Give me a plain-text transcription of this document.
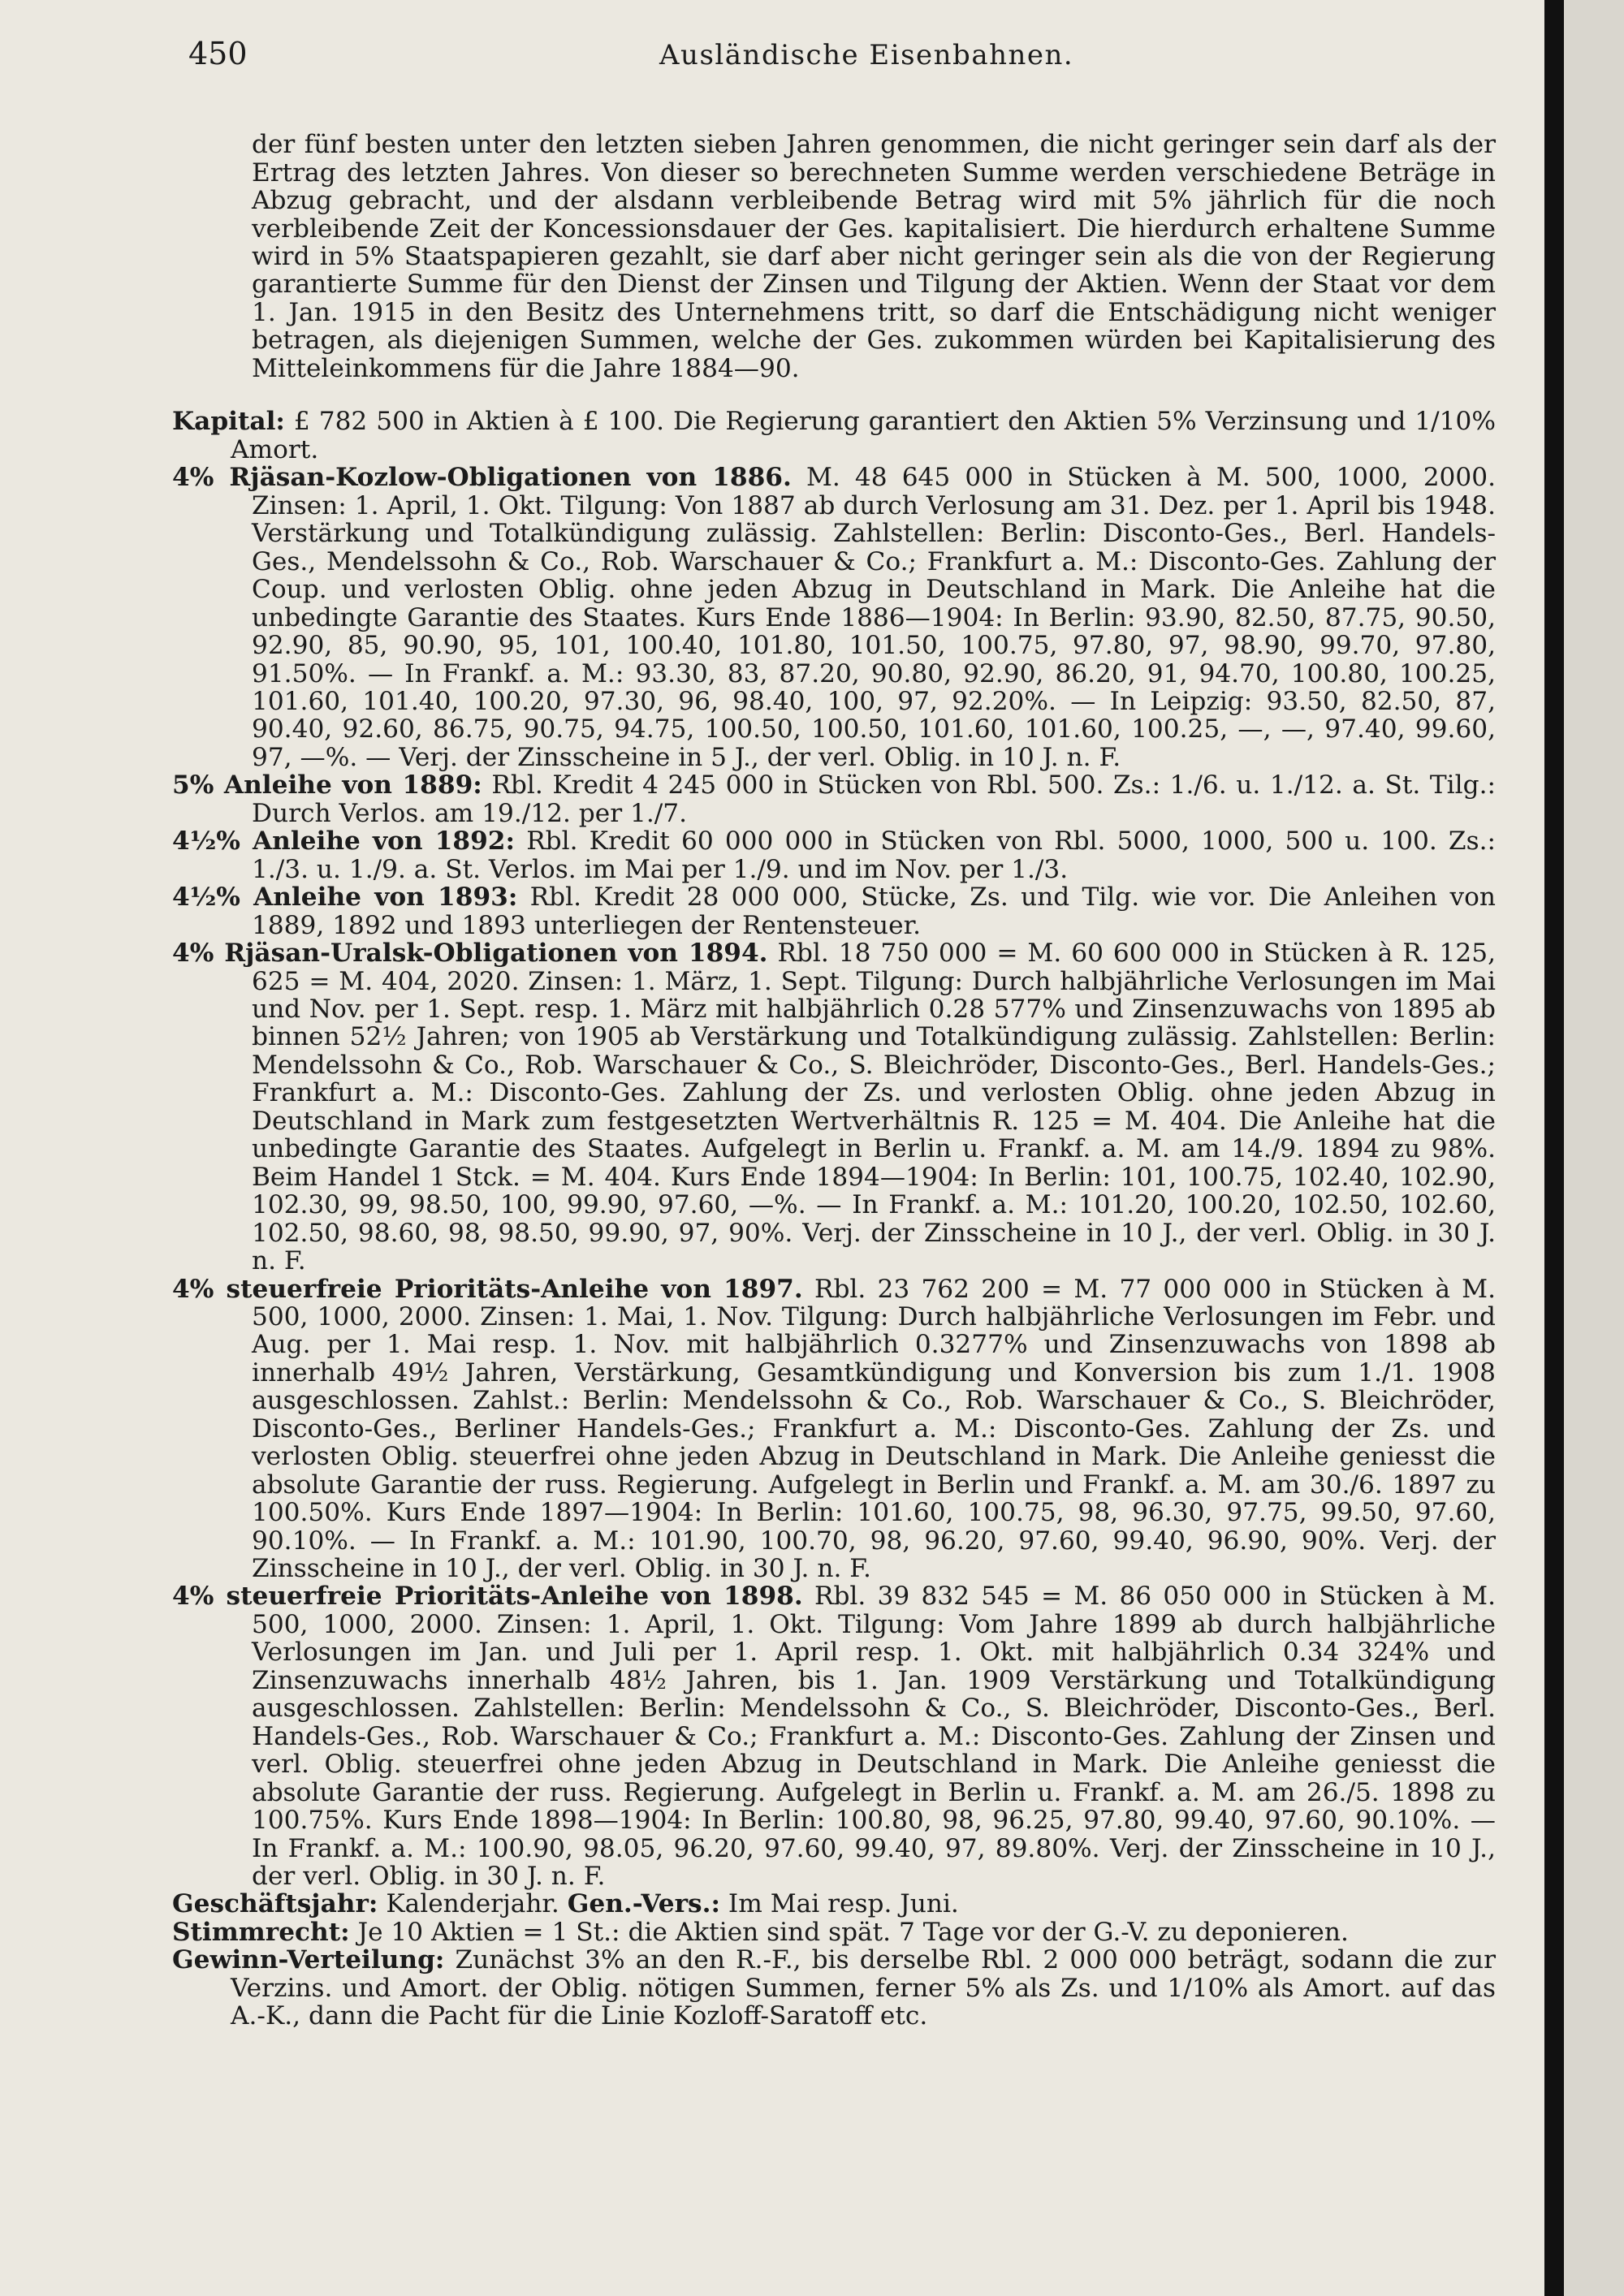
450	Ausländische Eisenbahnen.

der fünf besten unter den letzten sieben Jahren genommen, die nicht geringer sein darf als der Ertrag des letzten Jahres. Von dieser so berechneten Summe werden verschiedene Beträge in Abzug gebracht, und der alsdann verbleibende Betrag wird mit 5% jährlich für die noch verbleibende Zeit der Koncessionsdauer der Ges. kapitalisiert. Die hierdurch erhaltene Summe wird in 5% Staatspapieren gezahlt, sie darf aber nicht geringer sein als die von der Regierung garantierte Summe für den Dienst der Zinsen und Tilgung der Aktien. Wenn der Staat vor dem 1. Jan. 1915 in den Besitz des Unternehmens tritt, so darf die Entschädigung nicht weniger betragen, als diejenigen Summen, welche der Ges. zukommen würden bei Kapitalisierung des Mitteleinkommens für die Jahre 1884—90.

Kapital: £ 782 500 in Aktien à £ 100. Die Regierung garantiert den Aktien 5% Verzinsung und 1/10% Amort.

4% Rjäsan-Kozlow-Obligationen von 1886. M. 48 645 000 in Stücken à M. 500, 1000, 2000. Zinsen: 1. April, 1. Okt. Tilgung: Von 1887 ab durch Verlosung am 31. Dez. per 1. April bis 1948. Verstärkung und Totalkündigung zulässig. Zahlstellen: Berlin: Disconto-Ges., Berl. Handels-Ges., Mendelssohn & Co., Rob. Warschauer & Co.; Frankfurt a. M.: Disconto-Ges. Zahlung der Coup. und verlosten Oblig. ohne jeden Abzug in Deutschland in Mark. Die Anleihe hat die unbedingte Garantie des Staates. Kurs Ende 1886—1904: In Berlin: 93.90, 82.50, 87.75, 90.50, 92.90, 85, 90.90, 95, 101, 100.40, 101.80, 101.50, 100.75, 97.80, 97, 98.90, 99.70, 97.80, 91.50%. — In Frankf. a. M.: 93.30, 83, 87.20, 90.80, 92.90, 86.20, 91, 94.70, 100.80, 100.25, 101.60, 101.40, 100.20, 97.30, 96, 98.40, 100, 97, 92.20%. — In Leipzig: 93.50, 82.50, 87, 90.40, 92.60, 86.75, 90.75, 94.75, 100.50, 100.50, 101.60, 101.60, 100.25, —, —, 97.40, 99.60, 97, —%. — Verj. der Zinsscheine in 5 J., der verl. Oblig. in 10 J. n. F.

5% Anleihe von 1889: Rbl. Kredit 4 245 000 in Stücken von Rbl. 500. Zs.: 1./6. u. 1./12. a. St. Tilg.: Durch Verlos. am 19./12. per 1./7.

4½% Anleihe von 1892: Rbl. Kredit 60 000 000 in Stücken von Rbl. 5000, 1000, 500 u. 100. Zs.: 1./3. u. 1./9. a. St. Verlos. im Mai per 1./9. und im Nov. per 1./3.

4½% Anleihe von 1893: Rbl. Kredit 28 000 000, Stücke, Zs. und Tilg. wie vor. Die Anleihen von 1889, 1892 und 1893 unterliegen der Rentensteuer.

4% Rjäsan-Uralsk-Obligationen von 1894. Rbl. 18 750 000 = M. 60 600 000 in Stücken à R. 125, 625 = M. 404, 2020. Zinsen: 1. März, 1. Sept. Tilgung: Durch halbjährliche Verlosungen im Mai und Nov. per 1. Sept. resp. 1. März mit halbjährlich 0.28 577% und Zinsenzuwachs von 1895 ab binnen 52½ Jahren; von 1905 ab Verstärkung und Totalkündigung zulässig. Zahlstellen: Berlin: Mendelssohn & Co., Rob. Warschauer & Co., S. Bleichröder, Disconto-Ges., Berl. Handels-Ges.; Frankfurt a. M.: Disconto-Ges. Zahlung der Zs. und verlosten Oblig. ohne jeden Abzug in Deutschland in Mark zum festgesetzten Wertverhältnis R. 125 = M. 404. Die Anleihe hat die unbedingte Garantie des Staates. Aufgelegt in Berlin u. Frankf. a. M. am 14./9. 1894 zu 98%. Beim Handel 1 Stck. = M. 404. Kurs Ende 1894—1904: In Berlin: 101, 100.75, 102.40, 102.90, 102.30, 99, 98.50, 100, 99.90, 97.60, —%. — In Frankf. a. M.: 101.20, 100.20, 102.50, 102.60, 102.50, 98.60, 98, 98.50, 99.90, 97, 90%. Verj. der Zinsscheine in 10 J., der verl. Oblig. in 30 J. n. F.

4% steuerfreie Prioritäts-Anleihe von 1897. Rbl. 23 762 200 = M. 77 000 000 in Stücken à M. 500, 1000, 2000. Zinsen: 1. Mai, 1. Nov. Tilgung: Durch halbjährliche Verlosungen im Febr. und Aug. per 1. Mai resp. 1. Nov. mit halbjährlich 0.3277% und Zinsenzuwachs von 1898 ab innerhalb 49½ Jahren, Verstärkung, Gesamtkündigung und Konversion bis zum 1./1. 1908 ausgeschlossen. Zahlst.: Berlin: Mendelssohn & Co., Rob. Warschauer & Co., S. Bleichröder, Disconto-Ges., Berliner Handels-Ges.; Frankfurt a. M.: Disconto-Ges. Zahlung der Zs. und verlosten Oblig. steuerfrei ohne jeden Abzug in Deutschland in Mark. Die Anleihe geniesst die absolute Garantie der russ. Regierung. Aufgelegt in Berlin und Frankf. a. M. am 30./6. 1897 zu 100.50%. Kurs Ende 1897—1904: In Berlin: 101.60, 100.75, 98, 96.30, 97.75, 99.50, 97.60, 90.10%. — In Frankf. a. M.: 101.90, 100.70, 98, 96.20, 97.60, 99.40, 96.90, 90%. Verj. der Zinsscheine in 10 J., der verl. Oblig. in 30 J. n. F.

4% steuerfreie Prioritäts-Anleihe von 1898. Rbl. 39 832 545 = M. 86 050 000 in Stücken à M. 500, 1000, 2000. Zinsen: 1. April, 1. Okt. Tilgung: Vom Jahre 1899 ab durch halbjährliche Verlosungen im Jan. und Juli per 1. April resp. 1. Okt. mit halbjährlich 0.34 324% und Zinsenzuwachs innerhalb 48½ Jahren, bis 1. Jan. 1909 Verstärkung und Totalkündigung ausgeschlossen. Zahlstellen: Berlin: Mendelssohn & Co., S. Bleichröder, Disconto-Ges., Berl. Handels-Ges., Rob. Warschauer & Co.; Frankfurt a. M.: Disconto-Ges. Zahlung der Zinsen und verl. Oblig. steuerfrei ohne jeden Abzug in Deutschland in Mark. Die Anleihe geniesst die absolute Garantie der russ. Regierung. Aufgelegt in Berlin u. Frankf. a. M. am 26./5. 1898 zu 100.75%. Kurs Ende 1898—1904: In Berlin: 100.80, 98, 96.25, 97.80, 99.40, 97.60, 90.10%. — In Frankf. a. M.: 100.90, 98.05, 96.20, 97.60, 99.40, 97, 89.80%. Verj. der Zinsscheine in 10 J., der verl. Oblig. in 30 J. n. F.

Geschäftsjahr: Kalenderjahr. Gen.-Vers.: Im Mai resp. Juni.

Stimmrecht: Je 10 Aktien = 1 St.: die Aktien sind spät. 7 Tage vor der G.-V. zu deponieren.

Gewinn-Verteilung: Zunächst 3% an den R.-F., bis derselbe Rbl. 2 000 000 beträgt, sodann die zur Verzins. und Amort. der Oblig. nötigen Summen, ferner 5% als Zs. und 1/10% als Amort. auf das A.-K., dann die Pacht für die Linie Kozloff-Saratoff etc.
